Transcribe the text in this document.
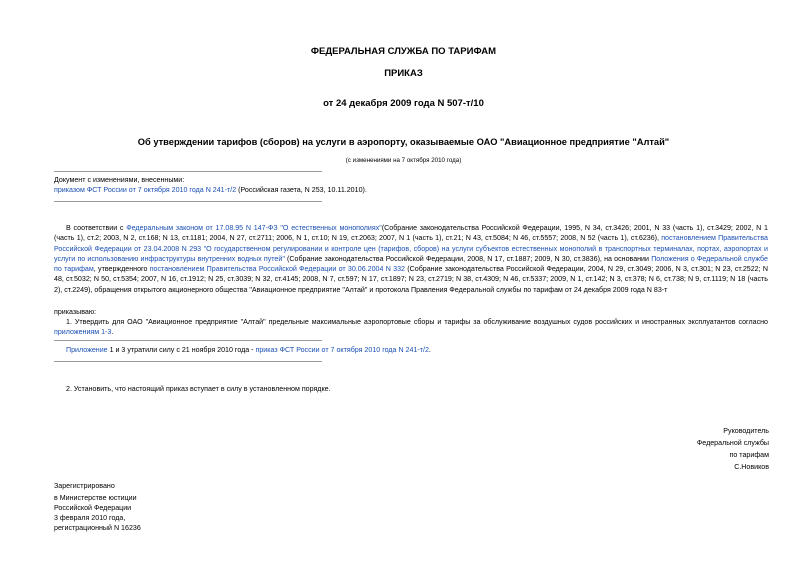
ФЕДЕРАЛЬНАЯ СЛУЖБА ПО ТАРИФАМ
ПРИКАЗ
от 24 декабря 2009 года N 507-т/10
Об утверждении тарифов (сборов) на услуги в аэропорту, оказываемые ОАО "Авиационное предприятие "Алтай"
(с изменениями на 7 октября 2010 года)
Документ с изменениями, внесенными:
приказом ФСТ России от 7 октября 2010 года N 241-т/2 (Российская газета, N 253, 10.11.2010).
В соответствии с Федеральным законом от 17.08.95 N 147-ФЗ "О естественных монополиях"(Собрание законодательства Российской Федерации, 1995, N 34, ст.3426; 2001, N 33 (часть 1), ст.3429; 2002, N 1 (часть 1), ст.2; 2003, N 2, ст.168; N 13, ст.1181; 2004, N 27, ст.2711; 2006, N 1, ст.10; N 19, ст.2063; 2007, N 1 (часть 1), ст.21; N 43, ст.5084; N 46, ст.5557; 2008, N 52 (часть 1), ст.6236), постановлением Правительства Российской Федерации от 23.04.2008 N 293 "О государственном регулировании и контроле цен (тарифов, сборов) на услуги субъектов естественных монополий в транспортных терминалах, портах, аэропортах и услуги по использованию инфраструктуры внутренних водных путей" (Собрание законодательства Российской Федерации, 2008, N 17, ст.1887; 2009, N 30, ст.3836), на основании Положения о Федеральной службе по тарифам, утвержденного постановлением Правительства Российской Федерации от 30.06.2004 N 332 (Собрание законодательства Российской Федерации, 2004, N 29, ст.3049; 2006, N 3, ст.301; N 23, ст.2522; N 48, ст.5032; N 50, ст.5354; 2007, N 16, ст.1912; N 25, ст.3039; N 32, ст.4145; 2008, N 7, ст.597; N 17, ст.1897; N 23, ст.2719; N 38, ст.4309; N 46, ст.5337; 2009, N 1, ст.142; N 3, ст.378; N 6, ст.738; N 9, ст.1119; N 18 (часть 2), ст.2249), обращения открытого акционерного общества "Авиационное предприятие "Алтай" и протокола Правления Федеральной службы по тарифам от 24 декабря 2009 года N 83-т
приказываю:
1. Утвердить для ОАО "Авиационное предприятие "Алтай" предельные максимальные аэропортовые сборы и тарифы за обслуживание воздушных судов российских и иностранных эксплуатантов согласно приложениям 1-3.
Приложение 1 и 3 утратили силу с 21 ноября 2010 года - приказ ФСТ России от 7 октября 2010 года N 241-т/2.
2. Установить, что настоящий приказ вступает в силу в установленном порядке.
Руководитель
Федеральной службы
по тарифам
С.Новиков
Зарегистрировано
в Министерстве юстиции
Российской Федерации
3 февраля 2010 года,
регистрационный N 16236
